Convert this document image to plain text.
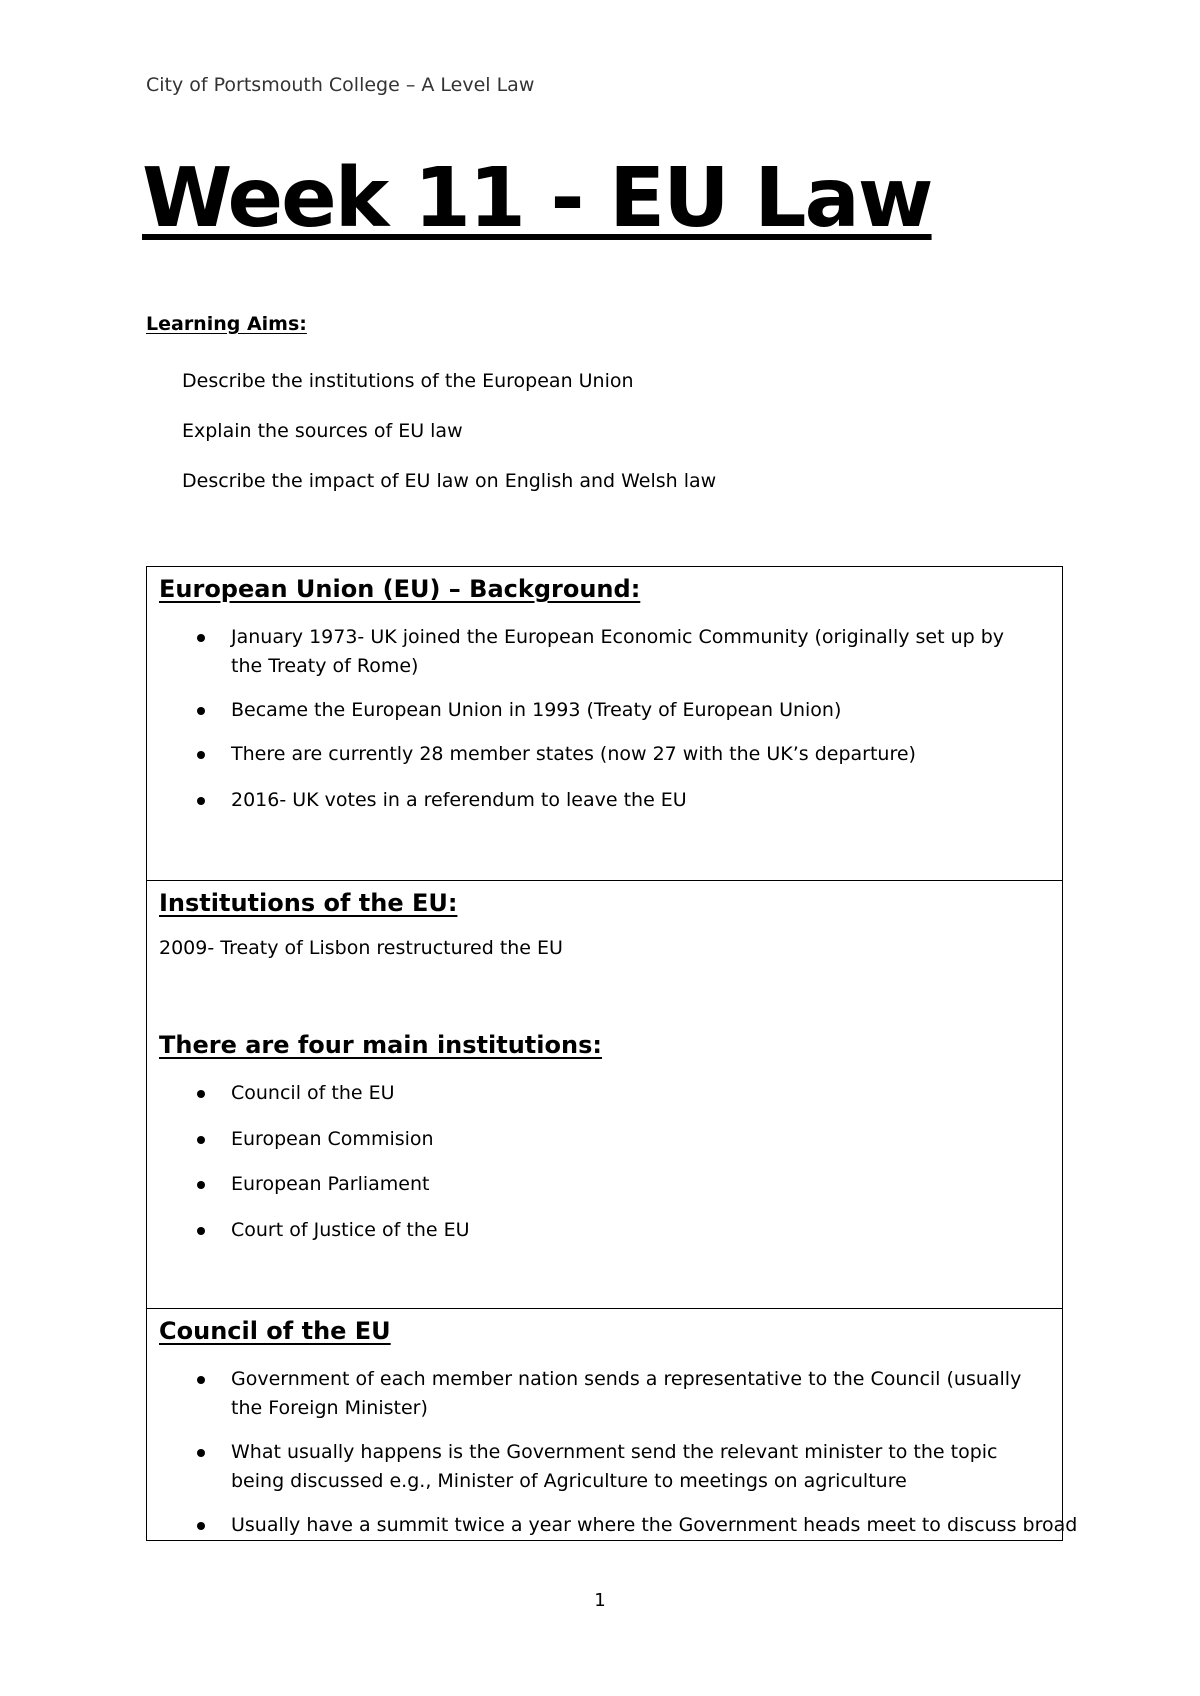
City of Portsmouth College – A Level Law
Week 11 - EU Law
Learning Aims:
Describe the institutions of the European Union
Explain the sources of EU law
Describe the impact of EU law on English and Welsh law
European Union (EU) – Background:
January 1973- UK joined the European Economic Community (originally set up by the Treaty of Rome)
Became the European Union in 1993 (Treaty of European Union)
There are currently 28 member states (now 27 with the UK’s departure)
2016- UK votes in a referendum to leave the EU
Institutions of the EU:
2009- Treaty of Lisbon restructured the EU
There are four main institutions:
Council of the EU
European Commision
European Parliament
Court of Justice of the EU
Council of the EU
Government of each member nation sends a representative to the Council (usually the Foreign Minister)
What usually happens is the Government send the relevant minister to the topic being discussed e.g., Minister of Agriculture to meetings on agriculture
Usually have a summit twice a year where the Government heads meet to discuss broad
1
